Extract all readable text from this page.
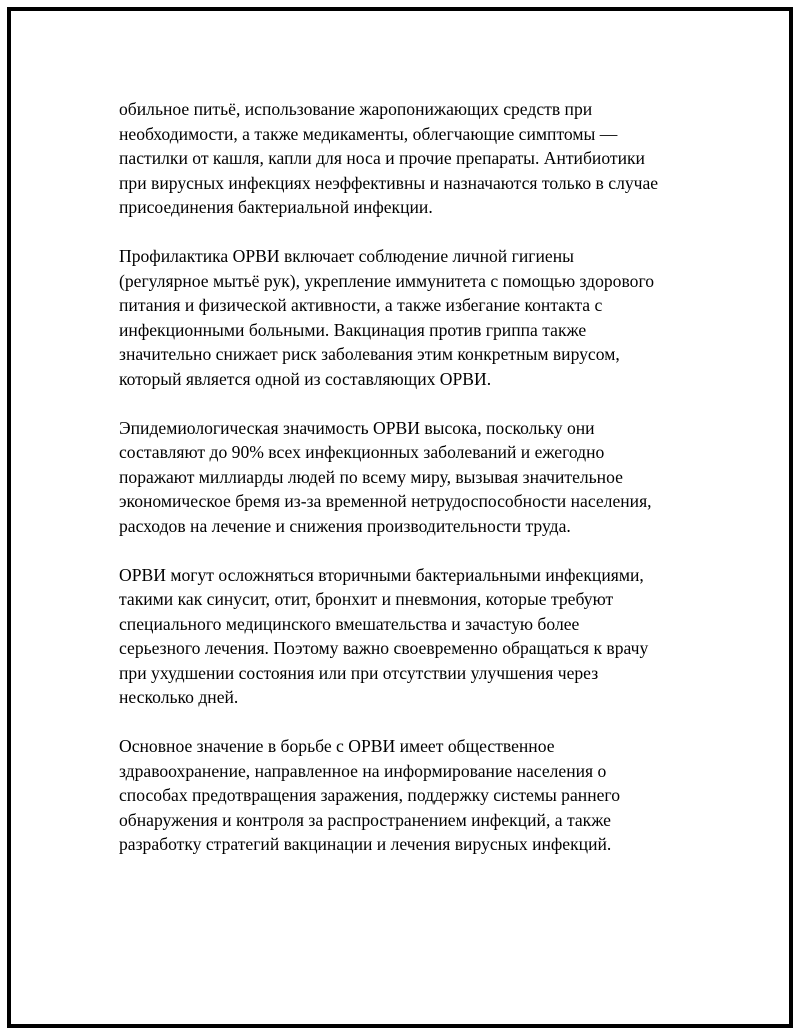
обильное питьё, использование жаропонижающих средств при
необходимости, а также медикаменты, облегчающие симптомы —
пастилки от кашля, капли для носа и прочие препараты. Антибиотики
при вирусных инфекциях неэффективны и назначаются только в случае
присоединения бактериальной инфекции.

Профилактика ОРВИ включает соблюдение личной гигиены
(регулярное мытьё рук), укрепление иммунитета с помощью здорового
питания и физической активности, а также избегание контакта с
инфекционными больными. Вакцинация против гриппа также
значительно снижает риск заболевания этим конкретным вирусом,
который является одной из составляющих ОРВИ.

Эпидемиологическая значимость ОРВИ высока, поскольку они
составляют до 90% всех инфекционных заболеваний и ежегодно
поражают миллиарды людей по всему миру, вызывая значительное
экономическое бремя из-за временной нетрудоспособности населения,
расходов на лечение и снижения производительности труда.

ОРВИ могут осложняться вторичными бактериальными инфекциями,
такими как синусит, отит, бронхит и пневмония, которые требуют
специального медицинского вмешательства и зачастую более
серьезного лечения. Поэтому важно своевременно обращаться к врачу
при ухудшении состояния или при отсутствии улучшения через
несколько дней.

Основное значение в борьбе с ОРВИ имеет общественное
здравоохранение, направленное на информирование населения о
способах предотвращения заражения, поддержку системы раннего
обнаружения и контроля за распространением инфекций, а также
разработку стратегий вакцинации и лечения вирусных инфекций.
